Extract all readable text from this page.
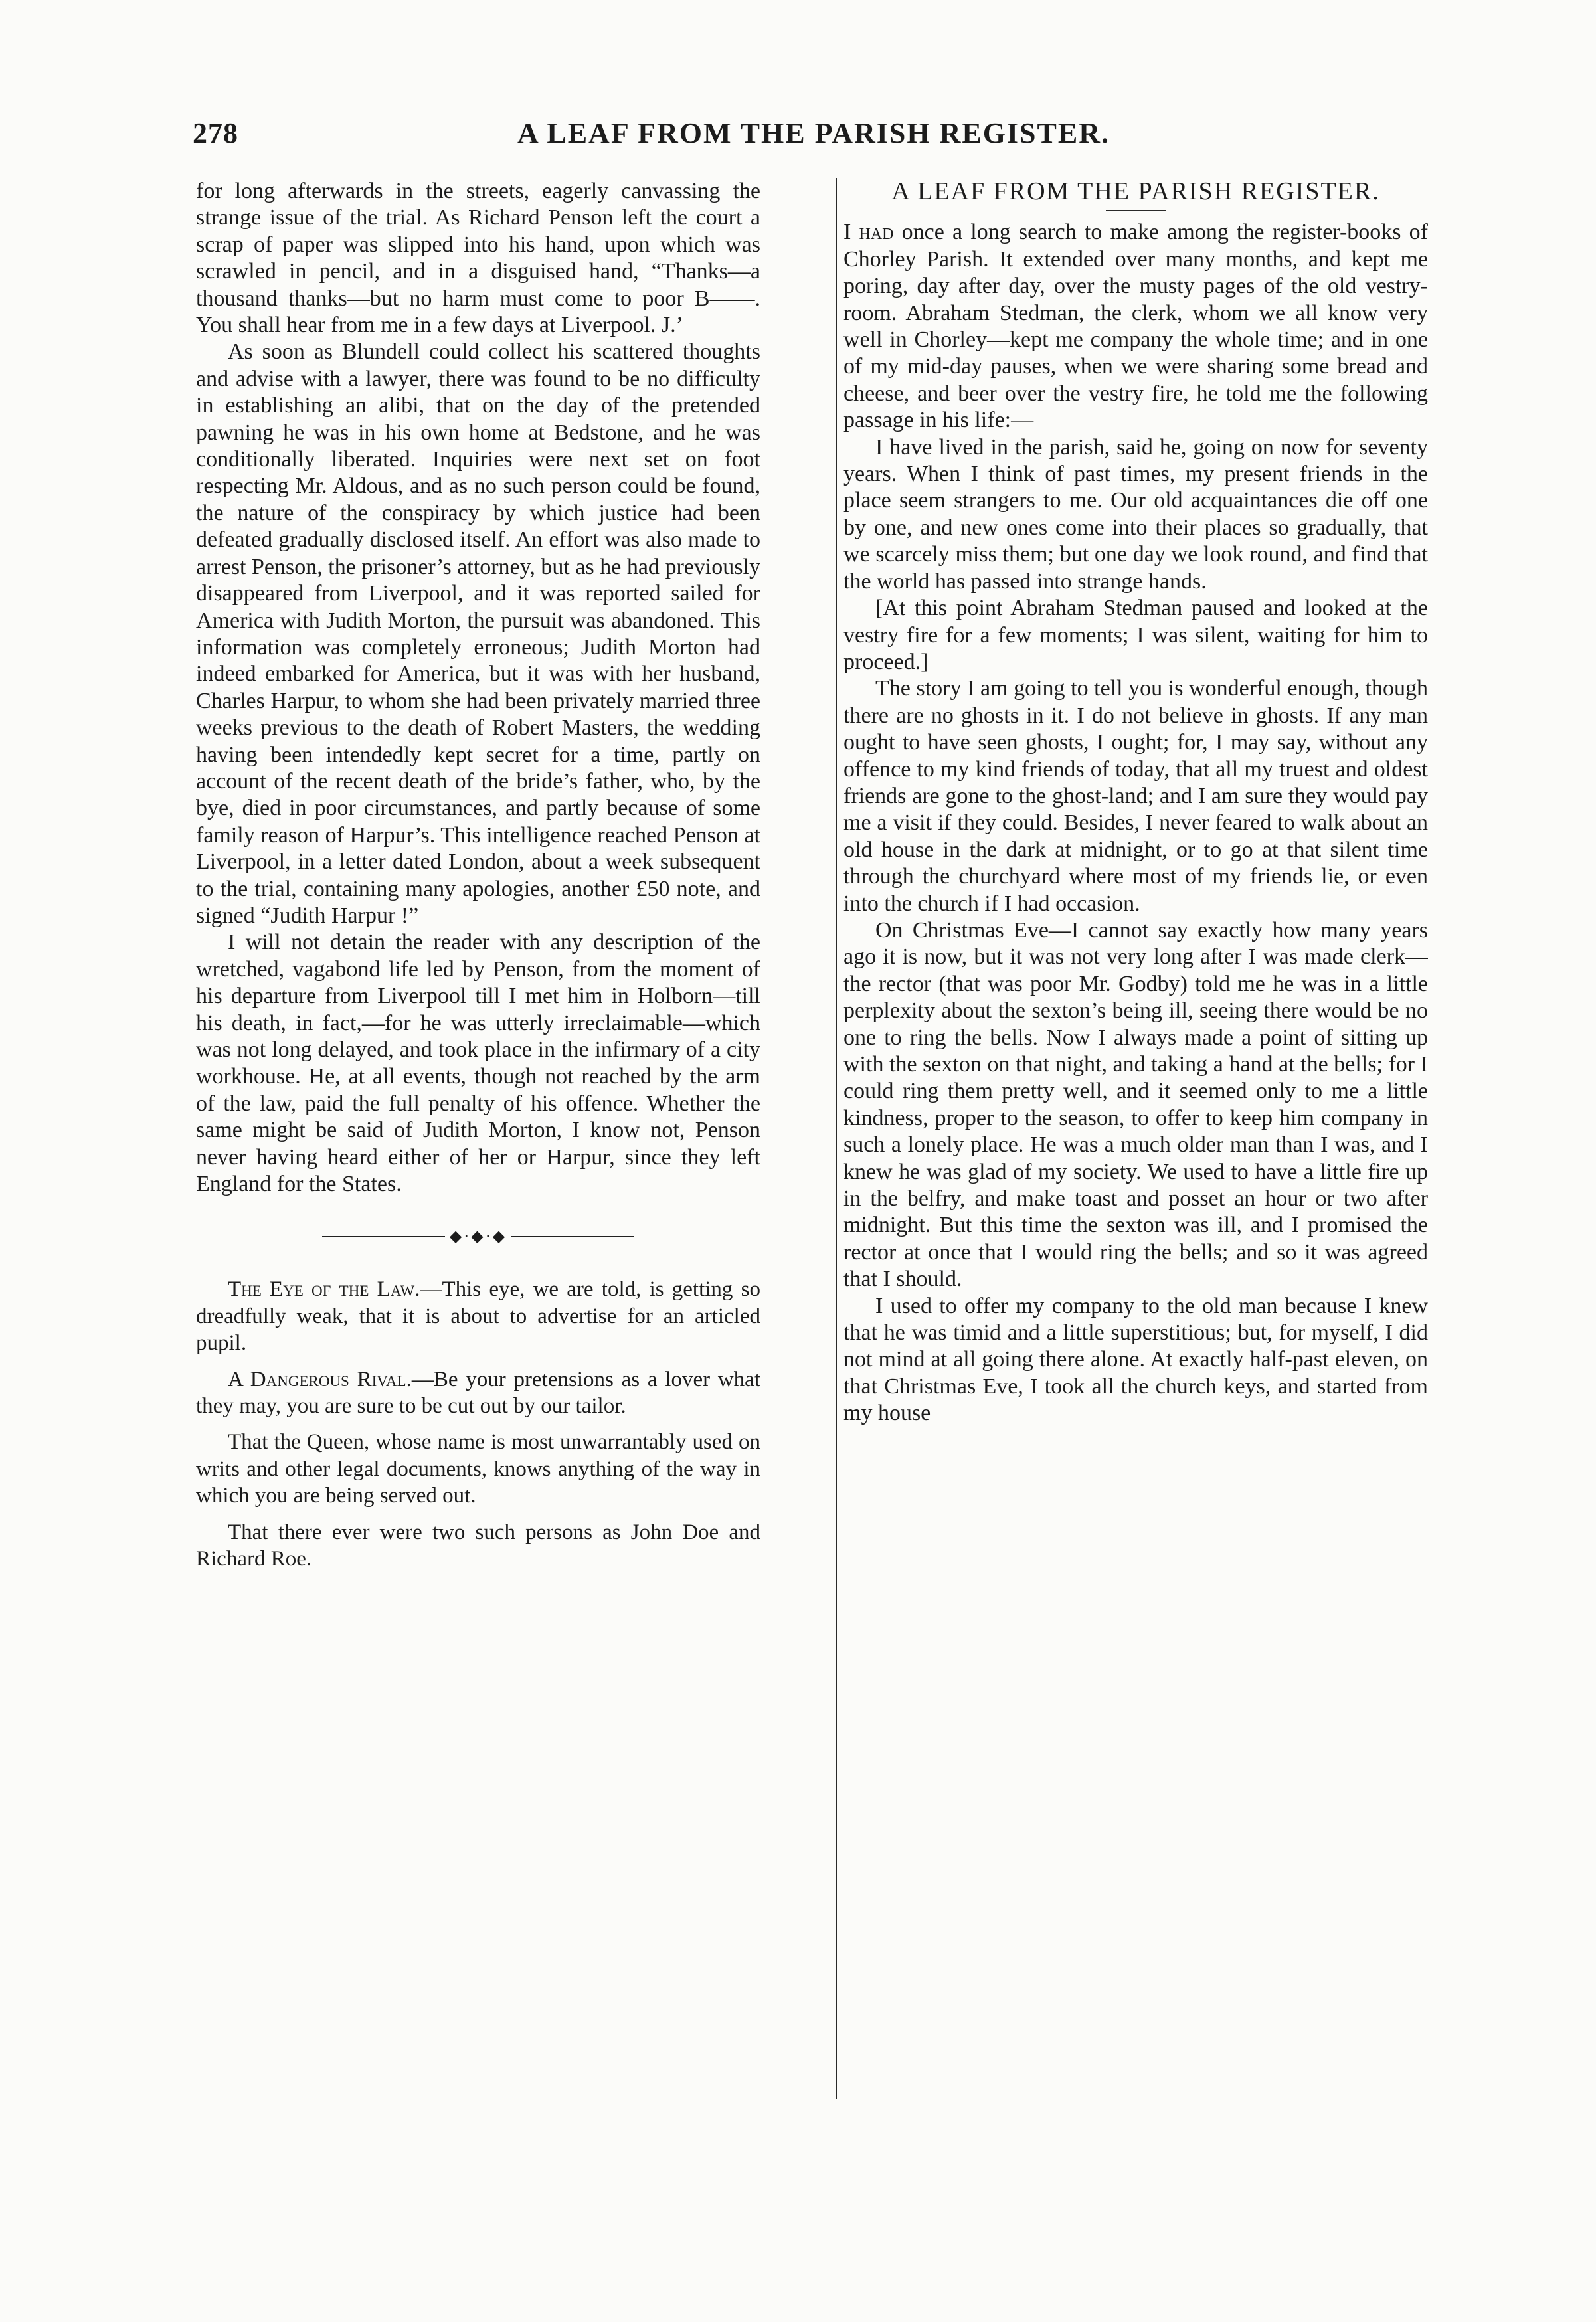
278	A LEAF FROM THE PARISH REGISTER.

for long afterwards in the streets, eagerly canvassing the strange issue of the trial. As Richard Penson left the court a scrap of paper was slipped into his hand, upon which was scrawled in pencil, and in a disguised hand, “Thanks—a thousand thanks—but no harm must come to poor B——. You shall hear from me in a few days at Liverpool. J.’

As soon as Blundell could collect his scattered thoughts and advise with a lawyer, there was found to be no difficulty in establishing an alibi, that on the day of the pretended pawning he was in his own home at Bedstone, and he was conditionally liberated. Inquiries were next set on foot respecting Mr. Aldous, and as no such person could be found, the nature of the conspiracy by which justice had been defeated gradually disclosed itself. An effort was also made to arrest Penson, the prisoner’s attorney, but as he had previously disappeared from Liverpool, and it was reported sailed for America with Judith Morton, the pursuit was abandoned. This information was completely erroneous; Judith Morton had indeed embarked for America, but it was with her husband, Charles Harpur, to whom she had been privately married three weeks previous to the death of Robert Masters, the wedding having been intendedly kept secret for a time, partly on account of the recent death of the bride’s father, who, by the bye, died in poor circumstances, and partly because of some family reason of Harpur’s. This intelligence reached Penson at Liverpool, in a letter dated London, about a week subsequent to the trial, containing many apologies, another £50 note, and signed “Judith Harpur !”

I will not detain the reader with any description of the wretched, vagabond life led by Penson, from the moment of his departure from Liverpool till I met him in Holborn—till his death, in fact,—for he was utterly irreclaimable—which was not long delayed, and took place in the infirmary of a city workhouse. He, at all events, though not reached by the arm of the law, paid the full penalty of his offence. Whether the same might be said of Judith Morton, I know not, Penson never having heard either of her or Harpur, since they left England for the States.

◆·◆·◆

The Eye of the Law.—This eye, we are told, is getting so dreadfully weak, that it is about to advertise for an articled pupil.

A Dangerous Rival.—Be your pretensions as a lover what they may, you are sure to be cut out by our tailor.

That the Queen, whose name is most unwarrantably used on writs and other legal documents, knows anything of the way in which you are being served out.

That there ever were two such persons as John Doe and Richard Roe.

A LEAF FROM THE PARISH REGISTER.

I had once a long search to make among the register-books of Chorley Parish. It extended over many months, and kept me poring, day after day, over the musty pages of the old vestry-room. Abraham Stedman, the clerk, whom we all know very well in Chorley—kept me company the whole time; and in one of my mid-day pauses, when we were sharing some bread and cheese, and beer over the vestry fire, he told me the following passage in his life:—

I have lived in the parish, said he, going on now for seventy years. When I think of past times, my present friends in the place seem strangers to me. Our old acquaintances die off one by one, and new ones come into their places so gradually, that we scarcely miss them; but one day we look round, and find that the world has passed into strange hands.

[At this point Abraham Stedman paused and looked at the vestry fire for a few moments; I was silent, waiting for him to proceed.]

The story I am going to tell you is wonderful enough, though there are no ghosts in it. I do not believe in ghosts. If any man ought to have seen ghosts, I ought; for, I may say, without any offence to my kind friends of today, that all my truest and oldest friends are gone to the ghost-land; and I am sure they would pay me a visit if they could. Besides, I never feared to walk about an old house in the dark at midnight, or to go at that silent time through the churchyard where most of my friends lie, or even into the church if I had occasion.

On Christmas Eve—I cannot say exactly how many years ago it is now, but it was not very long after I was made clerk—the rector (that was poor Mr. Godby) told me he was in a little perplexity about the sexton’s being ill, seeing there would be no one to ring the bells. Now I always made a point of sitting up with the sexton on that night, and taking a hand at the bells; for I could ring them pretty well, and it seemed only to me a little kindness, proper to the season, to offer to keep him company in such a lonely place. He was a much older man than I was, and I knew he was glad of my society. We used to have a little fire up in the belfry, and make toast and posset an hour or two after midnight. But this time the sexton was ill, and I promised the rector at once that I would ring the bells; and so it was agreed that I should.

I used to offer my company to the old man because I knew that he was timid and a little superstitious; but, for myself, I did not mind at all going there alone. At exactly half-past eleven, on that Christmas Eve, I took all the church keys, and started from my house
